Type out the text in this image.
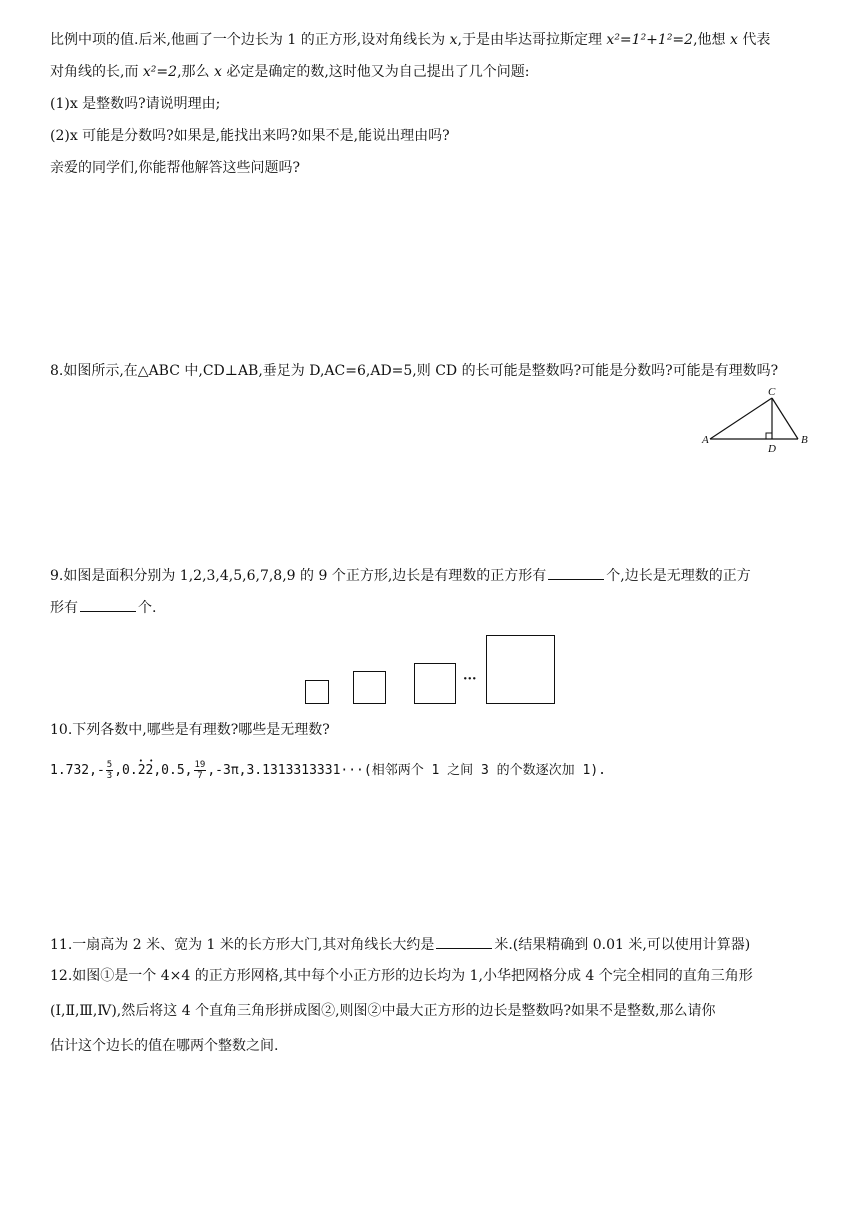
比例中项的值.后米,他画了一个边长为 1 的正方形,设对角线长为 x,于是由毕达哥拉斯定理 x²=1²+1²=2,他想 x 代表
对角线的长,而 x²=2,那么 x 必定是确定的数,这时他又为自己提出了几个问题:
(1)x 是整数吗?请说明理由;
(2)x 可能是分数吗?如果是,能找出来吗?如果不是,能说出理由吗?
亲爱的同学们,你能帮他解答这些问题吗?
8.如图所示,在△ABC 中,CD⊥AB,垂足为 D,AC=6,AD=5,则 CD 的长可能是整数吗?可能是分数吗?可能是有理数吗?
C
A
D
B
9.如图是面积分别为 1,2,3,4,5,6,7,8,9 的 9 个正方形,边长是有理数的正方形有	个,边长是无理数的正方
形有	个.
···
10.下列各数中,哪些是有理数?哪些是无理数?
$1.732,- \frac{5}{3}$ ,0.• • 22,0.5, $\frac{19}{7} ,-3\pi,3.1313313331\cdot\cdot\cdot$(相邻两个 1 之间 3 的个数逐次加 1).
11.一扇高为 2 米、宽为 1 米的长方形大门,其对角线长大约是	米.(结果精确到 0.01 米,可以使用计算器)
12.如图①是一个 4×4 的正方形网格,其中每个小正方形的边长均为 1,小华把网格分成 4 个完全相同的直角三角形
(Ⅰ,Ⅱ,Ⅲ,Ⅳ),然后将这 4 个直角三角形拼成图②,则图②中最大正方形的边长是整数吗?如果不是整数,那么请你
估计这个边长的值在哪两个整数之间.
